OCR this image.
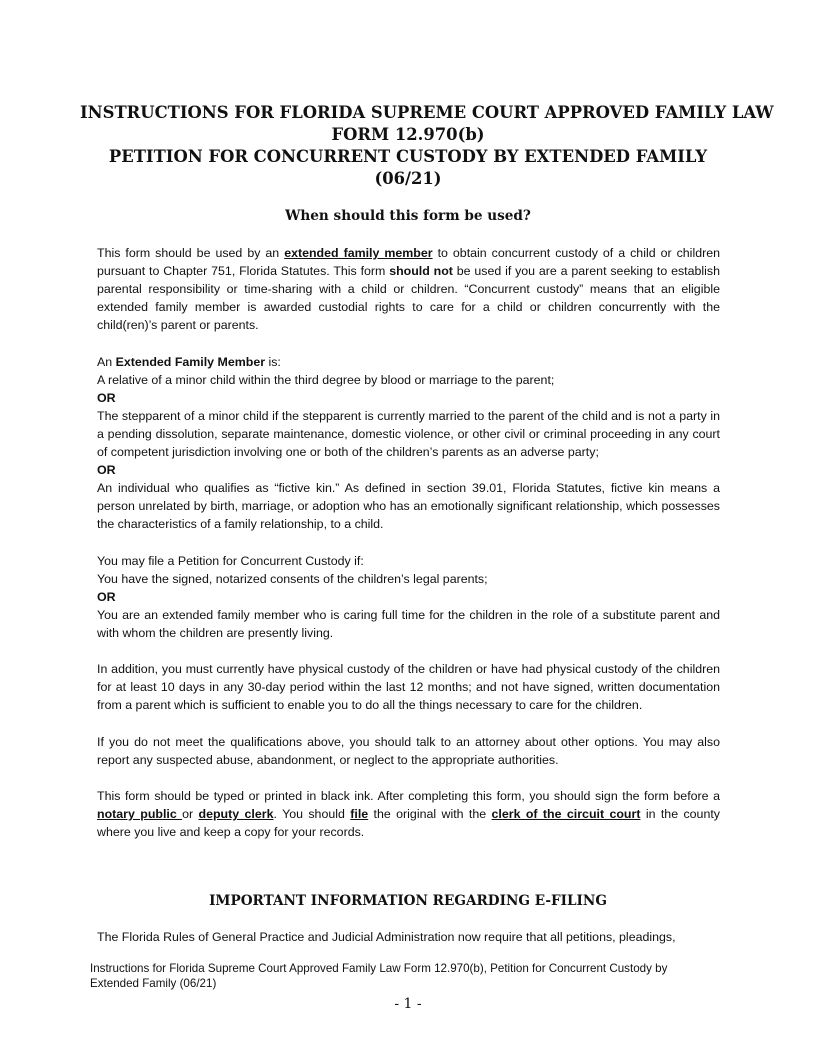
INSTRUCTIONS FOR FLORIDA SUPREME COURT APPROVED FAMILY LAW
FORM 12.970(b)
PETITION FOR CONCURRENT CUSTODY BY EXTENDED FAMILY
(06/21)
When should this form be used?

This form should be used by an extended family member to obtain concurrent custody of a child or children pursuant to Chapter 751, Florida Statutes. This form should not be used if you are a parent seeking to establish parental responsibility or time-sharing with a child or children. “Concurrent custody” means that an eligible extended family member is awarded custodial rights to care for a child or children concurrently with the child(ren)’s parent or parents.

An Extended Family Member is:

A relative of a minor child within the third degree by blood or marriage to the parent;

OR

The stepparent of a minor child if the stepparent is currently married to the parent of the child and is not a party in a pending dissolution, separate maintenance, domestic violence, or other civil or criminal proceeding in any court of competent jurisdiction involving one or both of the children’s parents as an adverse party;

OR

An individual who qualifies as “fictive kin.” As defined in section 39.01, Florida Statutes, fictive kin means a person unrelated by birth, marriage, or adoption who has an emotionally significant relationship, which possesses the characteristics of a family relationship, to a child.

You may file a Petition for Concurrent Custody if:

You have the signed, notarized consents of the children’s legal parents;

OR

You are an extended family member who is caring full time for the children in the role of a substitute parent and with whom the children are presently living.

In addition, you must currently have physical custody of the children or have had physical custody of the children for at least 10 days in any 30-day period within the last 12 months; and not have signed, written documentation from a parent which is sufficient to enable you to do all the things necessary to care for the children.

If you do not meet the qualifications above, you should talk to an attorney about other options. You may also report any suspected abuse, abandonment, or neglect to the appropriate authorities.

This form should be typed or printed in black ink. After completing this form, you should sign the form before a notary public or deputy clerk. You should file the original with the clerk of the circuit court in the county where you live and keep a copy for your records.

IMPORTANT INFORMATION REGARDING E-FILING

The Florida Rules of General Practice and Judicial Administration now require that all petitions, pleadings,

Instructions for Florida Supreme Court Approved Family Law Form 12.970(b), Petition for Concurrent Custody by
Extended Family (06/21)
- 1 -
